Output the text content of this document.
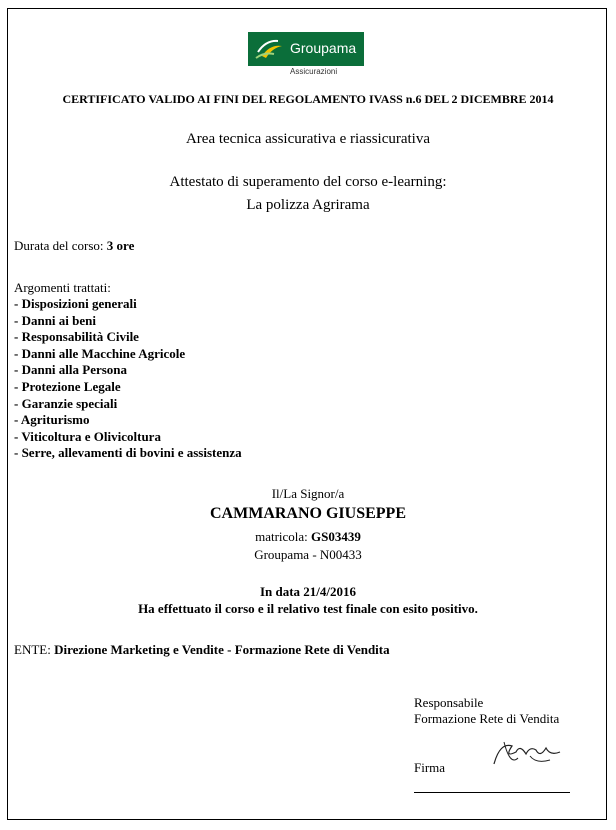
Groupama
Assicurazioni
CERTIFICATO VALIDO AI FINI DEL REGOLAMENTO IVASS n.6 DEL 2 DICEMBRE 2014
Area tecnica assicurativa e riassicurativa
Attestato di superamento del corso e-learning:
La polizza Agrirama
Durata del corso: 3 ore
Argomenti trattati:
- Disposizioni generali
- Danni ai beni
- Responsabilità Civile
- Danni alle Macchine Agricole
- Danni alla Persona
- Protezione Legale
- Garanzie speciali
- Agriturismo
- Viticoltura e Olivicoltura
- Serre, allevamenti di bovini e assistenza
Il/La Signor/a
CAMMARANO GIUSEPPE
matricola: GS03439
Groupama - N00433
In data 21/4/2016
Ha effettuato il corso e il relativo test finale con esito positivo.
ENTE: Direzione Marketing e Vendite - Formazione Rete di Vendita
Responsabile
Formazione Rete di Vendita
Firma
